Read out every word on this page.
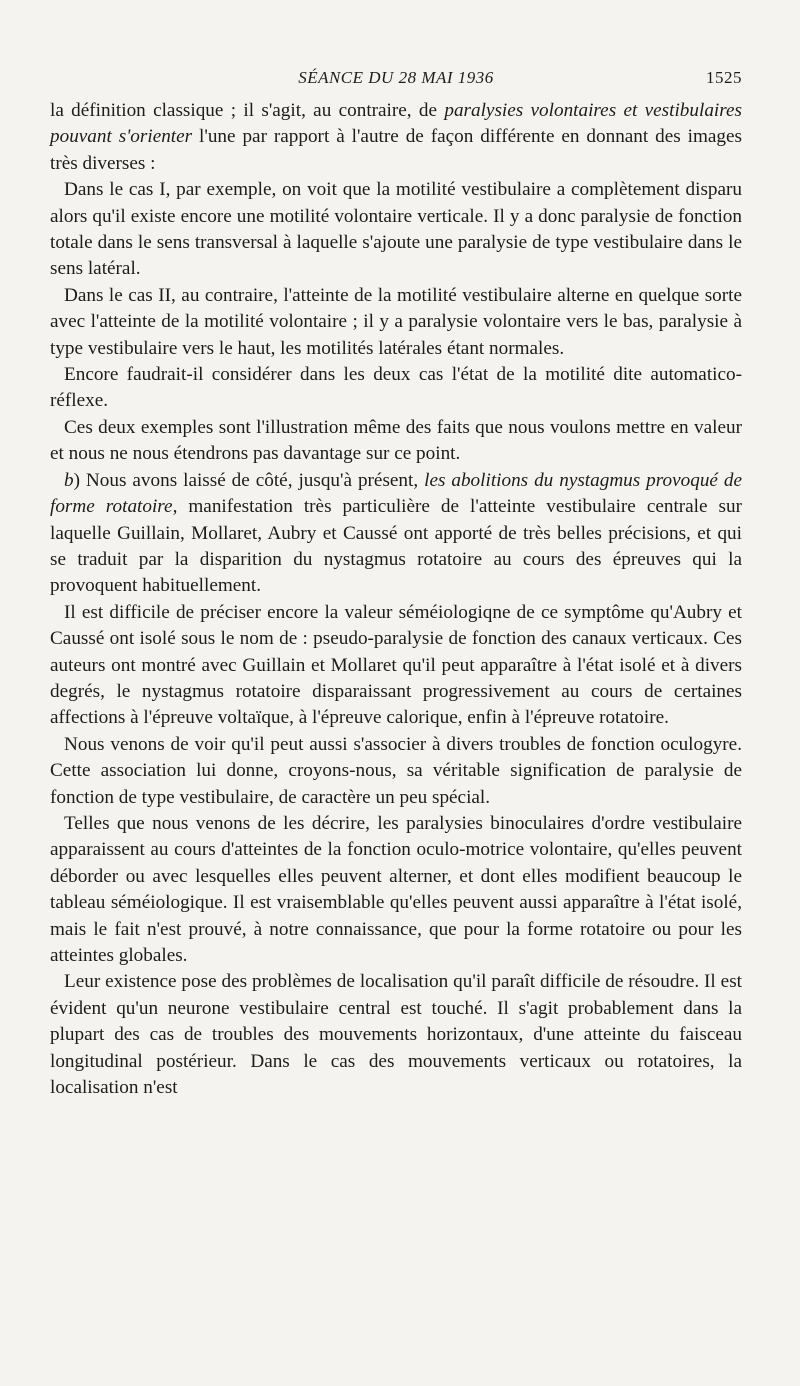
SÉANCE DU 28 MAI 1936	1525

la définition classique ; il s'agit, au contraire, de paralysies volontaires et vestibulaires pouvant s'orienter l'une par rapport à l'autre de façon différente en donnant des images très diverses :

Dans le cas I, par exemple, on voit que la motilité vestibulaire a complètement disparu alors qu'il existe encore une motilité volontaire verticale. Il y a donc paralysie de fonction totale dans le sens transversal à laquelle s'ajoute une paralysie de type vestibulaire dans le sens latéral.

Dans le cas II, au contraire, l'atteinte de la motilité vestibulaire alterne en quelque sorte avec l'atteinte de la motilité volontaire ; il y a paralysie volontaire vers le bas, paralysie à type vestibulaire vers le haut, les motilités latérales étant normales.

Encore faudrait-il considérer dans les deux cas l'état de la motilité dite automatico-réflexe.

Ces deux exemples sont l'illustration même des faits que nous voulons mettre en valeur et nous ne nous étendrons pas davantage sur ce point.

b) Nous avons laissé de côté, jusqu'à présent, les abolitions du nystagmus provoqué de forme rotatoire, manifestation très particulière de l'atteinte vestibulaire centrale sur laquelle Guillain, Mollaret, Aubry et Caussé ont apporté de très belles précisions, et qui se traduit par la disparition du nystagmus rotatoire au cours des épreuves qui la provoquent habituellement.

Il est difficile de préciser encore la valeur séméiologiqne de ce symptôme qu'Aubry et Caussé ont isolé sous le nom de : pseudo-paralysie de fonction des canaux verticaux. Ces auteurs ont montré avec Guillain et Mollaret qu'il peut apparaître à l'état isolé et à divers degrés, le nystagmus rotatoire disparaissant progressivement au cours de certaines affections à l'épreuve voltaïque, à l'épreuve calorique, enfin à l'épreuve rotatoire.

Nous venons de voir qu'il peut aussi s'associer à divers troubles de fonction oculogyre. Cette association lui donne, croyons-nous, sa véritable signification de paralysie de fonction de type vestibulaire, de caractère un peu spécial.

Telles que nous venons de les décrire, les paralysies binoculaires d'ordre vestibulaire apparaissent au cours d'atteintes de la fonction oculo-motrice volontaire, qu'elles peuvent déborder ou avec lesquelles elles peuvent alterner, et dont elles modifient beaucoup le tableau séméiologique. Il est vraisemblable qu'elles peuvent aussi apparaître à l'état isolé, mais le fait n'est prouvé, à notre connaissance, que pour la forme rotatoire ou pour les atteintes globales.

Leur existence pose des problèmes de localisation qu'il paraît difficile de résoudre. Il est évident qu'un neurone vestibulaire central est touché. Il s'agit probablement dans la plupart des cas de troubles des mouvements horizontaux, d'une atteinte du faisceau longitudinal postérieur. Dans le cas des mouvements verticaux ou rotatoires, la localisation n'est
